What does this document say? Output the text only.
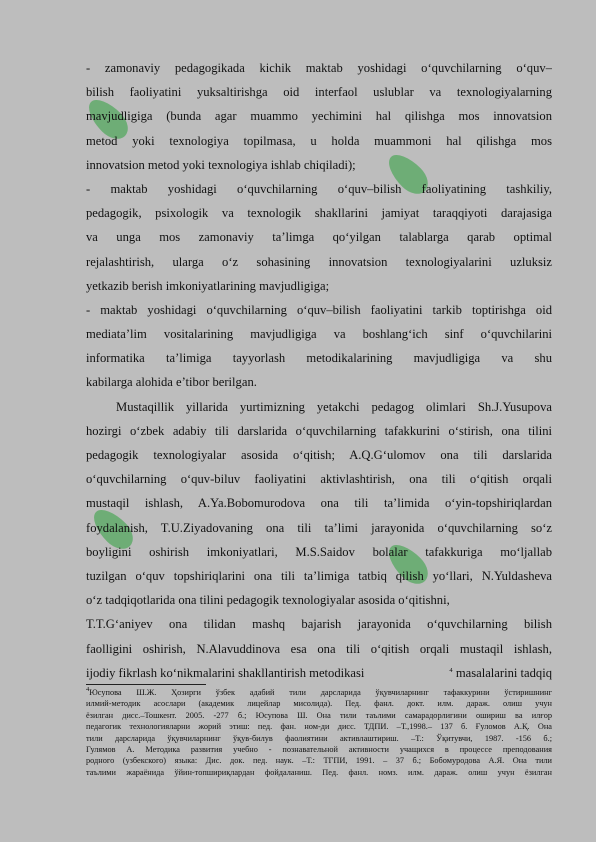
- zamonaviy pedagogikada kichik maktab yoshidagi o‘quvchilarning o‘quv–
bilish faoliyatini yuksaltirishga oid interfaol uslublar va texnologiyalarning
mavjudligiga (bunda agar muammo yechimini hal qilishga mos innovatsion
metod yoki texnologiya topilmasa, u holda muammoni hal qilishga mos
innovatsion metod yoki texnologiya ishlab chiqiladi);
- maktab yoshidagi o‘quvchilarning o‘quv–bilish faoliyatining tashkiliy,
pedagogik, psixologik va texnologik shakllarini jamiyat taraqqiyoti darajasiga
va unga mos zamonaviy ta’limga qo‘yilgan talablarga qarab optimal
rejalashtirish, ularga o‘z sohasining innovatsion texnologiyalarini uzluksiz
yetkazib berish imkoniyatlarining mavjudligiga;
- maktab yoshidagi o‘quvchilarning o‘quv–bilish faoliyatini tarkib toptirishga oid
mediata’lim vositalarining mavjudligiga va boshlang‘ich sinf o‘quvchilarini
informatika ta’limiga tayyorlash metodikalarining mavjudligiga va shu
kabilarga alohida e’tibor berilgan.
Mustaqillik yillarida yurtimizning yetakchi pedagog olimlari Sh.J.Yusupova
hozirgi o‘zbek adabiy tili darslarida o‘quvchilarning tafakkurini o‘stirish, ona tilini
pedagogik texnologiyalar asosida o‘qitish; A.Q.G‘ulomov ona tili darslarida
o‘quvchilarning o‘quv-biluv faoliyatini aktivlashtirish, ona tili o‘qitish orqali
mustaqil ishlash, A.Ya.Bobomurodova ona tili ta’limida o‘yin-topshiriqlardan
foydalanish, T.U.Ziyadovaning ona tili ta’limi jarayonida o‘quvchilarning so‘z
boyligini oshirish imkoniyatlari, M.S.Saidov bolalar tafakkuriga mo‘ljallab
tuzilgan o‘quv topshiriqlarini ona tili ta’limiga tatbiq qilish yo‘llari, N.Yuldasheva
o‘z tadqiqotlarida ona tilini pedagogik texnologiyalar asosida o‘qitishni,
T.T.G‘aniyev ona tilidan mashq bajarish jarayonida o‘quvchilarning bilish
faolligini oshirish, N.Alavuddinova esa ona tili o‘qitish orqali mustaqil ishlash,
ijodiy fikrlash ko‘nikmalarini shakllantirish metodikasi	$^4$ masalalarini tadqiq
$^4$Юсупова Ш.Ж. Ҳозирги ўзбек адабий тили дарсларида ўқувчиларнинг тафаккурини ўстиришнинг
илмий-методик асослари (академик лицейлар мисолида). Пед. фанл. докт. илм. дараж. олиш учун
ёзилган дисс.–Тошкент. 2005. -277 б.; Юсупова Ш. Она тили таълими самарадорлигини ошириш ва илғор
педагогик технологияларни жорий этиш: пед. фан. ном-ди дисс. ТДПИ. –Т.,1998.– 137 б. Ғуломов А.Қ. Она
тили дарсларида ўқувчиларнинг ўқув-билув фаолиятини активлаштириш. –Т.: Ўқитувчи, 1987. -156 б.;
Гулямов А. Методика развития учебно - познавательной активности учащихся в процессе преподования
родного (узбекского) языка: Дис. док. пед. наук. –Т.: ТГПИ, 1991. – 37 б.; Бобомуродова А.Я. Она тили
таълими жараёнида ўйин-топшириқлардан фойдаланиш. Пед. фанл. номз. илм. дараж. олиш учун ёзилган
